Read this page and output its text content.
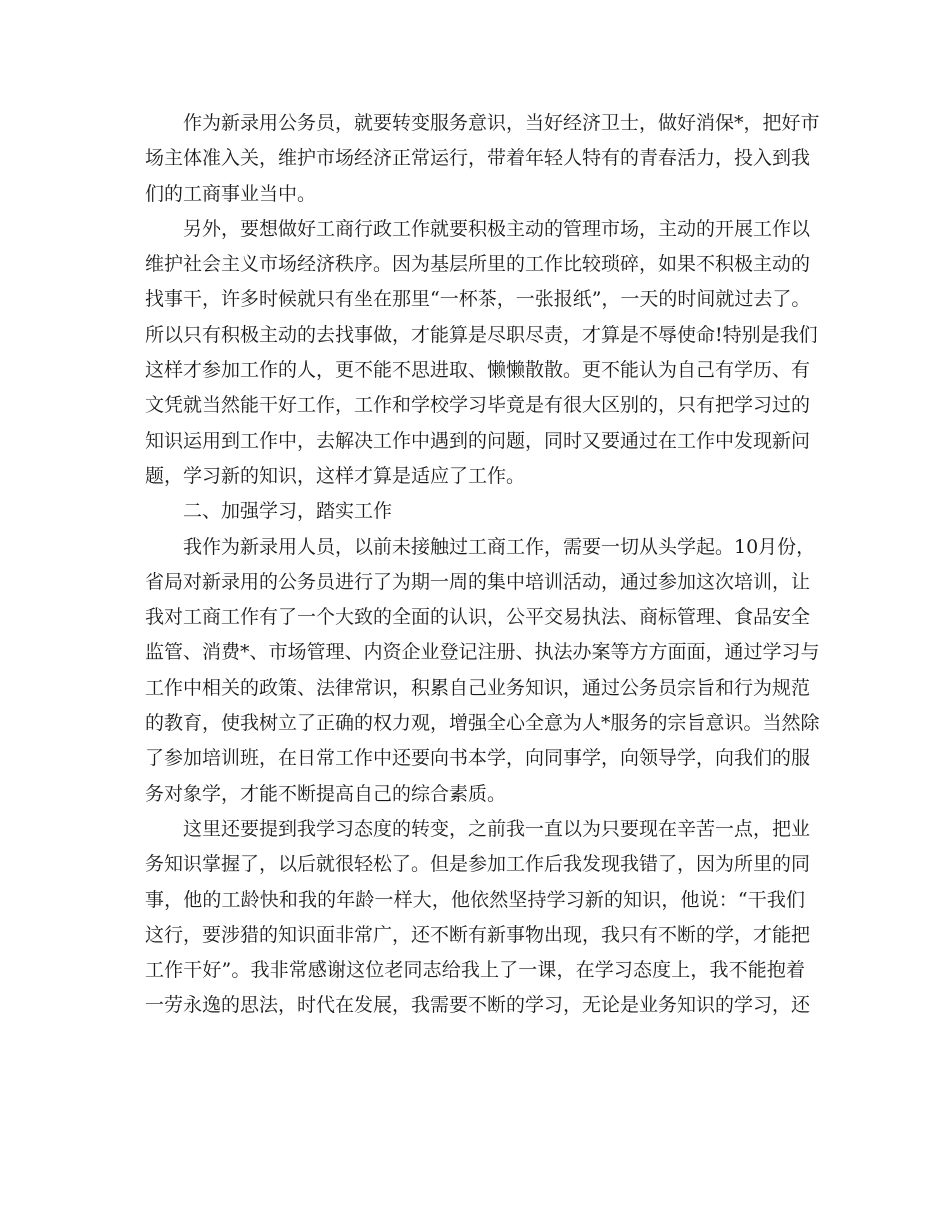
作为新录用公务员，就要转变服务意识，当好经济卫士，做好消保*，把好市
场主体准入关，维护市场经济正常运行，带着年轻人特有的青春活力，投入到我
们的工商事业当中。
另外，要想做好工商行政工作就要积极主动的管理市场，主动的开展工作以
维护社会主义市场经济秩序。因为基层所里的工作比较琐碎，如果不积极主动的
找事干，许多时候就只有坐在那里“一杯茶，一张报纸”，一天的时间就过去了。
所以只有积极主动的去找事做，才能算是尽职尽责，才算是不辱使命!特别是我们
这样才参加工作的人，更不能不思进取、懒懒散散。更不能认为自己有学历、有
文凭就当然能干好工作，工作和学校学习毕竟是有很大区别的，只有把学习过的
知识运用到工作中，去解决工作中遇到的问题，同时又要通过在工作中发现新问
题，学习新的知识，这样才算是适应了工作。
二、加强学习，踏实工作
我作为新录用人员，以前未接触过工商工作，需要一切从头学起。10月份，
省局对新录用的公务员进行了为期一周的集中培训活动，通过参加这次培训，让
我对工商工作有了一个大致的全面的认识，公平交易执法、商标管理、食品安全
监管、消费*、市场管理、内资企业登记注册、执法办案等方方面面，通过学习与
工作中相关的政策、法律常识，积累自己业务知识，通过公务员宗旨和行为规范
的教育，使我树立了正确的权力观，增强全心全意为人*服务的宗旨意识。当然除
了参加培训班，在日常工作中还要向书本学，向同事学，向领导学，向我们的服
务对象学，才能不断提高自己的综合素质。
这里还要提到我学习态度的转变，之前我一直以为只要现在辛苦一点，把业
务知识掌握了，以后就很轻松了。但是参加工作后我发现我错了，因为所里的同
事，他的工龄快和我的年龄一样大，他依然坚持学习新的知识，他说：“干我们
这行，要涉猎的知识面非常广，还不断有新事物出现，我只有不断的学，才能把
工作干好”。我非常感谢这位老同志给我上了一课，在学习态度上，我不能抱着
一劳永逸的思法，时代在发展，我需要不断的学习，无论是业务知识的学习，还
